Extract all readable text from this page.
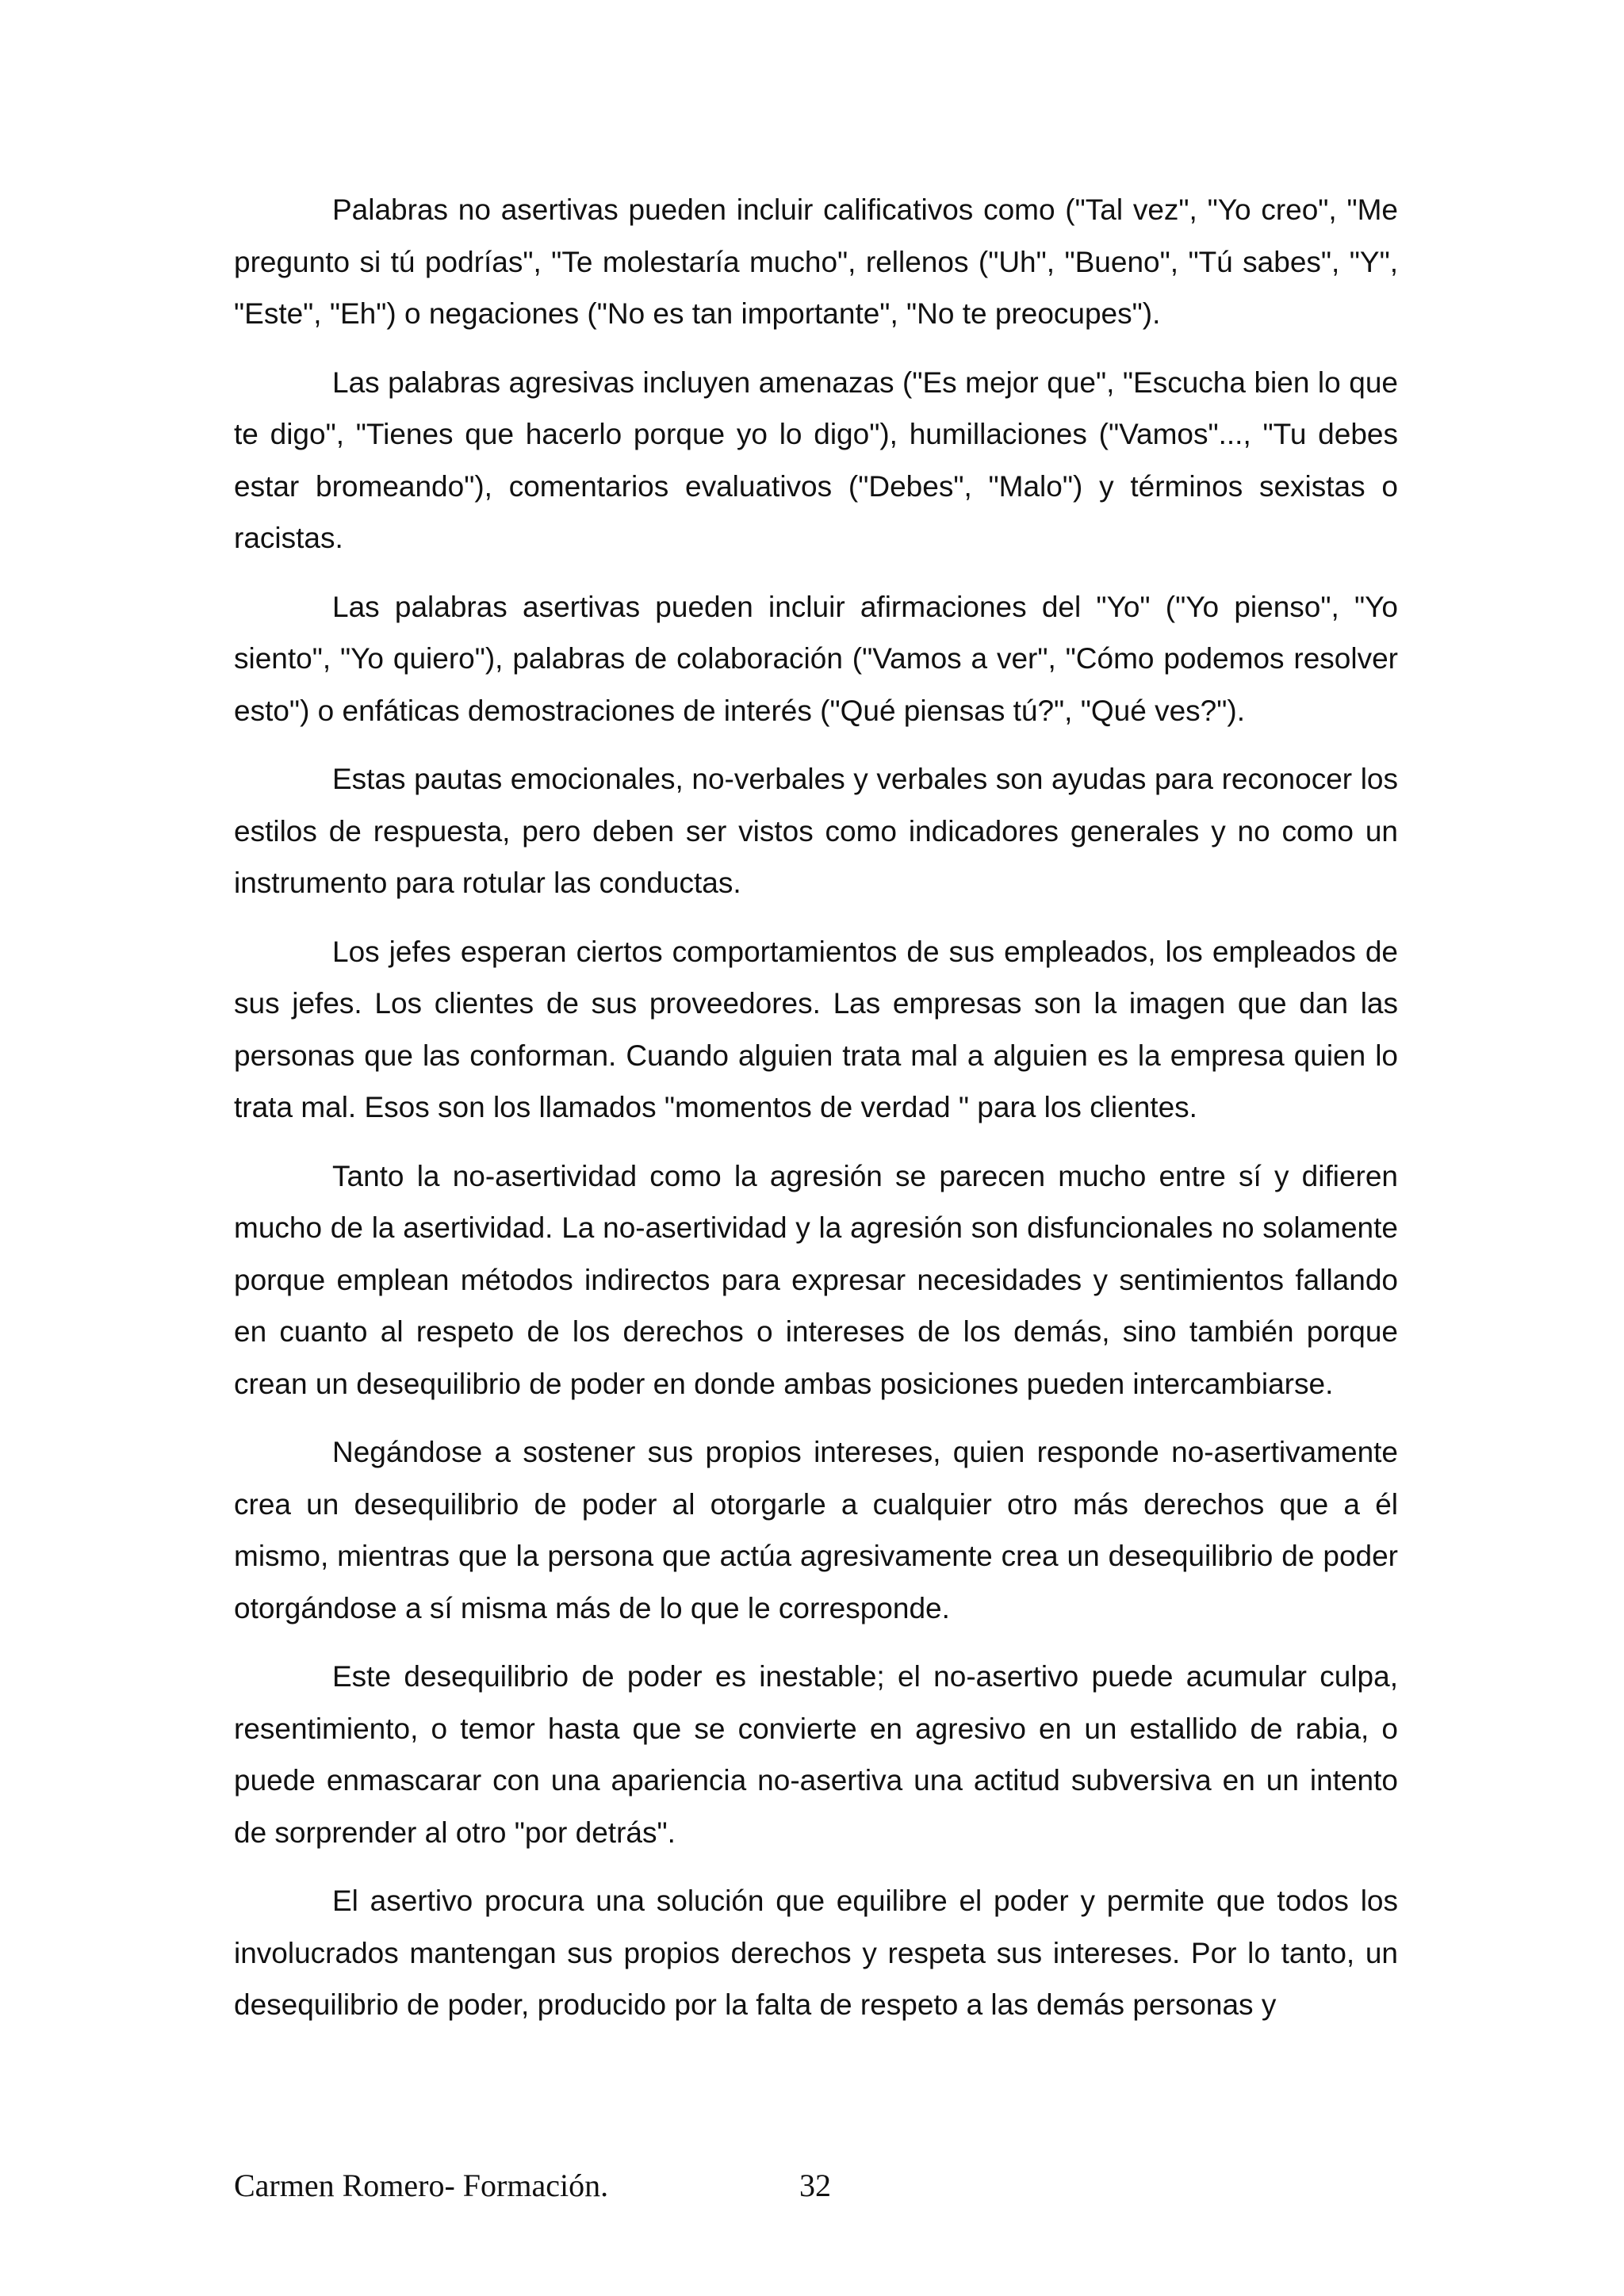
Palabras no asertivas pueden incluir calificativos como ("Tal vez", "Yo creo", "Me pregunto si tú podrías", "Te molestaría mucho", rellenos ("Uh", "Bueno", "Tú sabes", "Y", "Este", "Eh") o negaciones ("No es tan importante", "No te preocupes").

Las palabras agresivas incluyen amenazas ("Es mejor que", "Escucha bien lo que te digo", "Tienes que hacerlo porque yo lo digo"), humillaciones ("Vamos"..., "Tu debes estar bromeando"), comentarios evaluativos ("Debes", "Malo") y términos sexistas o racistas.

Las palabras asertivas pueden incluir afirmaciones del "Yo" ("Yo pienso", "Yo siento", "Yo quiero"), palabras de colaboración ("Vamos a ver", "Cómo podemos resolver esto") o enfáticas demostraciones de interés ("Qué piensas tú?", "Qué ves?").

Estas pautas emocionales, no-verbales y verbales son ayudas para reconocer los estilos de respuesta, pero deben ser vistos como indicadores generales y no como un instrumento para rotular las conductas.

Los jefes esperan ciertos comportamientos de sus empleados, los empleados de sus jefes. Los clientes de sus proveedores. Las empresas son la imagen que dan las personas que las conforman. Cuando alguien trata mal a alguien es la empresa quien lo trata mal. Esos son los llamados "momentos de verdad " para los clientes.

Tanto la no-asertividad como la agresión se parecen mucho entre sí y difieren mucho de la asertividad. La no-asertividad y la agresión son disfuncionales no solamente porque emplean métodos indirectos para expresar necesidades y sentimientos fallando en cuanto al respeto de los derechos o intereses de los demás, sino también porque crean un desequilibrio de poder en donde ambas posiciones pueden intercambiarse.

Negándose a sostener sus propios intereses, quien responde no-asertivamente crea un desequilibrio de poder al otorgarle a cualquier otro más derechos que a él mismo, mientras que la persona que actúa agresivamente crea un desequilibrio de poder otorgándose a sí misma más de lo que le corresponde.

Este desequilibrio de poder es inestable; el no-asertivo puede acumular culpa, resentimiento, o temor hasta que se convierte en agresivo en un estallido de rabia, o puede enmascarar con una apariencia no-asertiva una actitud subversiva en un intento de sorprender al otro "por detrás".

El asertivo procura una solución que equilibre el poder y permite que todos los involucrados mantengan sus propios derechos y respeta sus intereses. Por lo tanto, un desequilibrio de poder, producido por la falta de respeto a las demás personas y

Carmen Romero- Formación.	32
